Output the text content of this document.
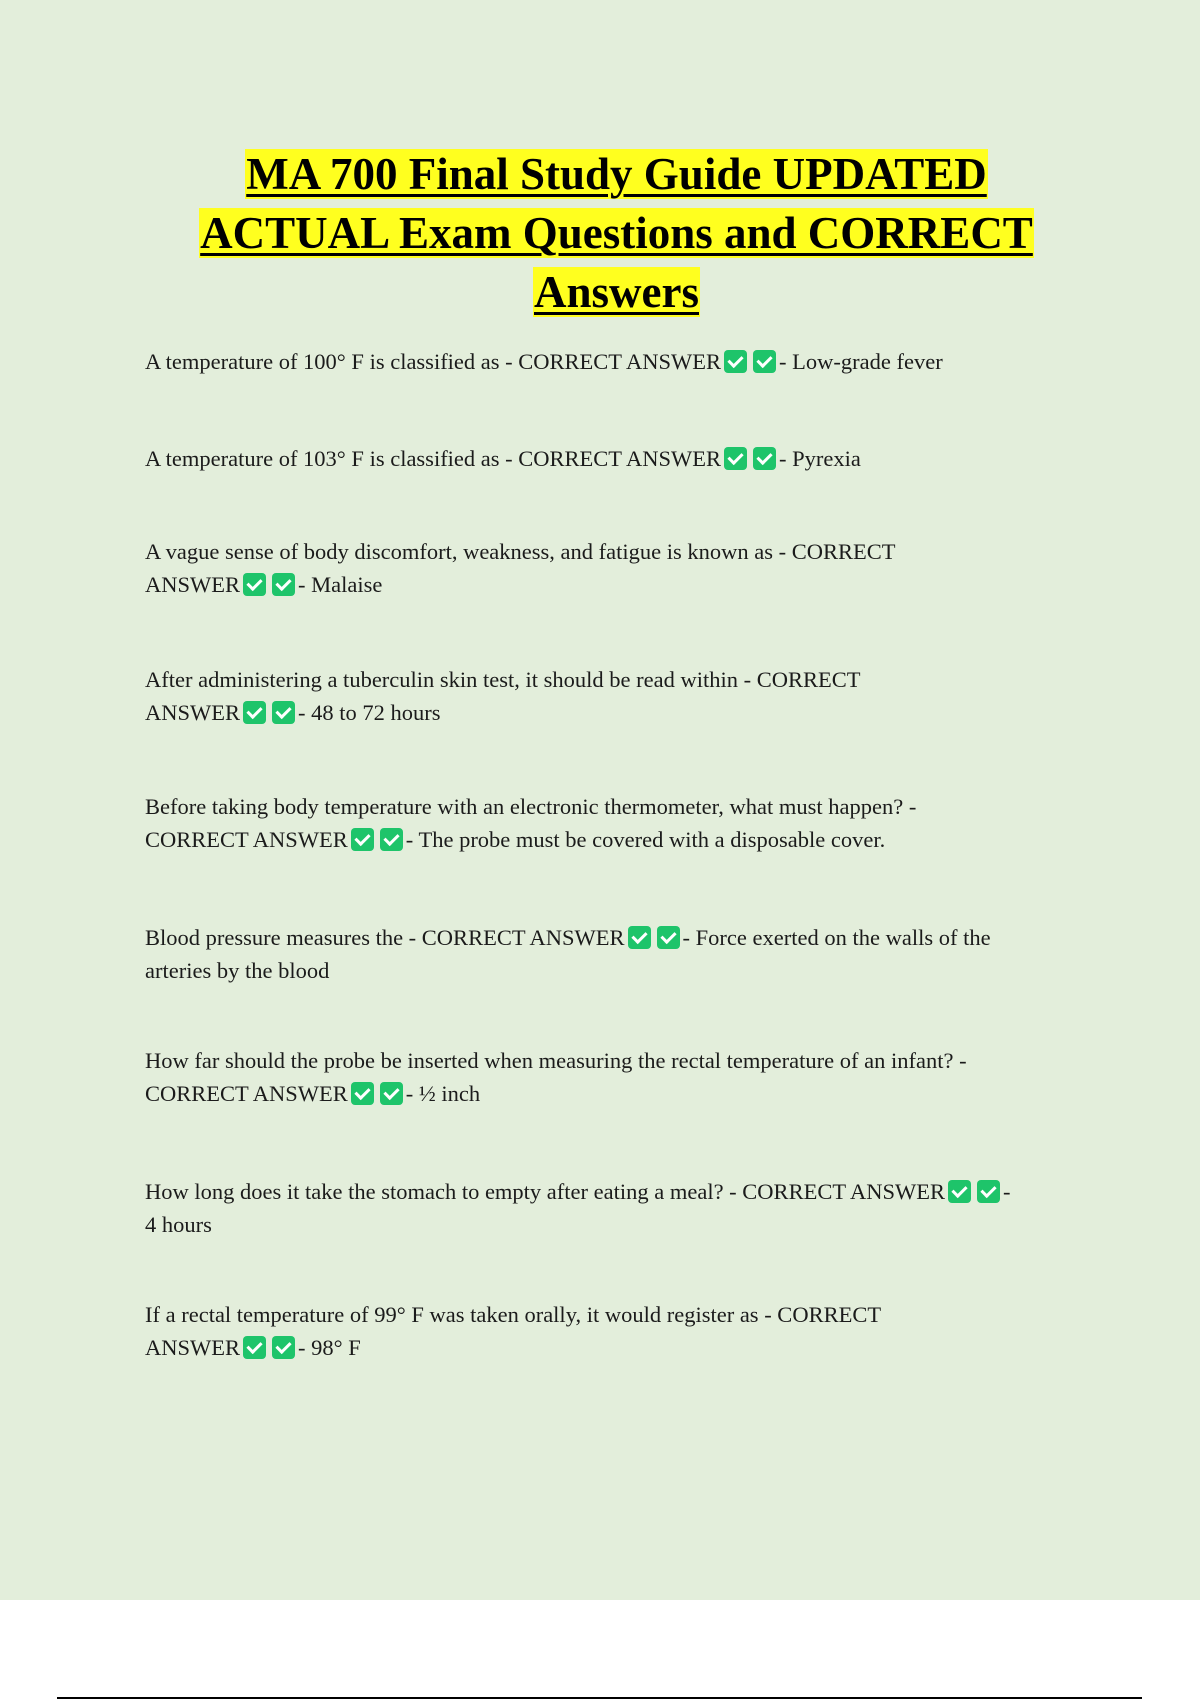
MA 700 Final Study Guide UPDATED
ACTUAL Exam Questions and CORRECT
Answers

A temperature of 100° F is classified as - CORRECT ANSWER	- Low-grade fever

A temperature of 103° F is classified as - CORRECT ANSWER	- Pyrexia

A vague sense of body discomfort, weakness, and fatigue is known as - CORRECT
ANSWER	- Malaise

After administering a tuberculin skin test, it should be read within - CORRECT
ANSWER	- 48 to 72 hours

Before taking body temperature with an electronic thermometer, what must happen? -
CORRECT ANSWER	- The probe must be covered with a disposable cover.

Blood pressure measures the - CORRECT ANSWER	- Force exerted on the walls of the
arteries by the blood

How far should the probe be inserted when measuring the rectal temperature of an infant? -
CORRECT ANSWER	- ½ inch

How long does it take the stomach to empty after eating a meal? - CORRECT ANSWER	-
4 hours

If a rectal temperature of 99° F was taken orally, it would register as - CORRECT
ANSWER	- 98° F
